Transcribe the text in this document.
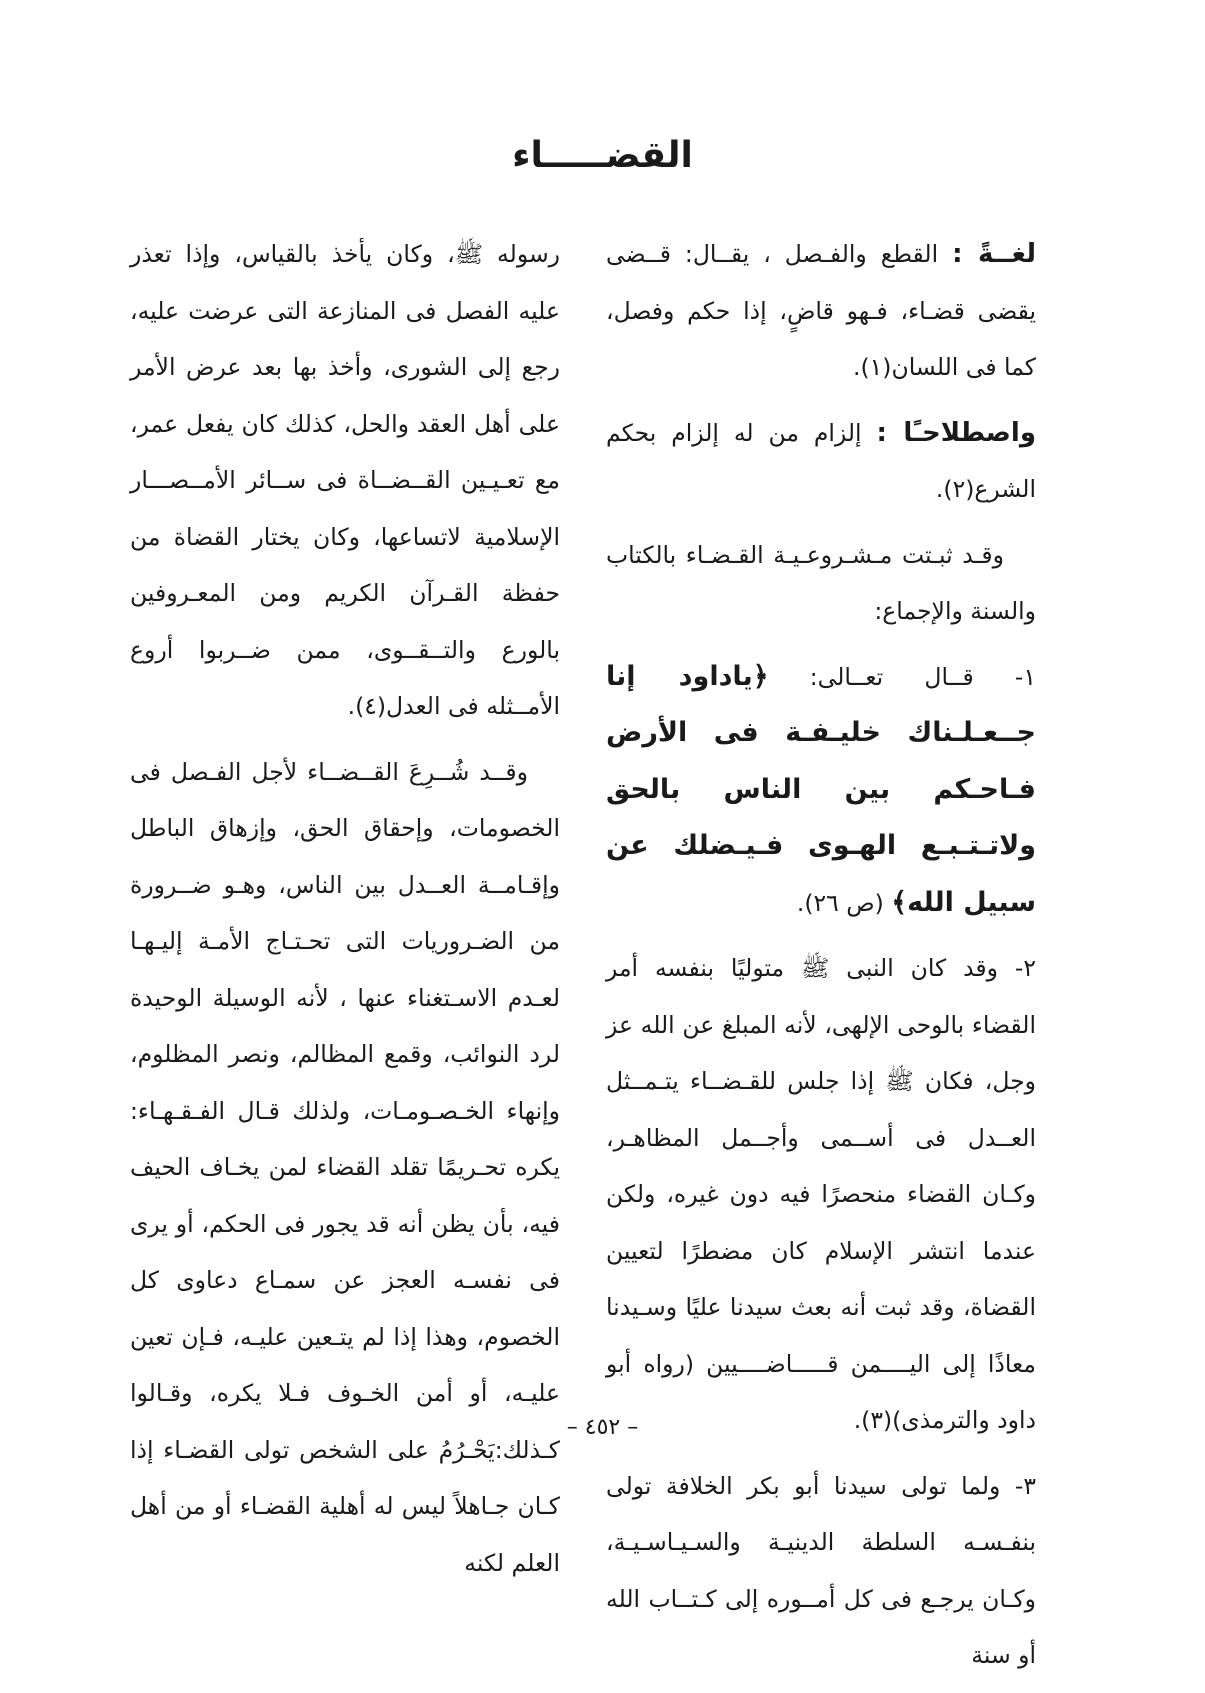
القضـــــاء

لغــةً : القطع والفـصل ، يقــال: قــضى يقضى قضـاء، فـهو قاضٍ، إذا حكم وفصل، كما فى اللسان(١).

واصطلاحـًا : إلزام من له إلزام بحكم الشرع(٢).

وقـد ثبـتت مـشـروعـيـة القـضـاء بالكتاب والسنة والإجماع:

١- قــال تعــالى: ﴿ياداود إنا جــعـلـناك خليـفـة فى الأرض فـاحـكم بين الناس بالحق ولاتـتـبـع الهـوى فـيـضلك عن سبيل الله﴾ (ص ٢٦).

٢- وقد كان النبى ﷺ متوليًا بنفسه أمر القضاء بالوحى الإلهى، لأنه المبلغ عن الله عز وجل، فكان ﷺ إذا جلس للقـضــاء يتـمــثل العــدل فى أســمى وأجــمل المظاهـر، وكـان القضاء منحصرًا فيه دون غيره، ولكن عندما انتشر الإسلام كان مضطرًا لتعيين القضاة، وقد ثبت أنه بعث سيدنا عليًا وسـيدنا معاذًا إلى اليــــمن قـــــاضــــيين (رواه أبو داود والترمذى)(٣).

٣- ولما تولى سيدنا أبو بكر الخلافة تولى بنفـسـه السلطة الدينيـة والسـيـاسـيـة، وكـان يرجـع فى كل أمــوره إلى كـتــاب الله أو سنة

رسوله ﷺ، وكان يأخذ بالقياس، وإذا تعذر عليه الفصل فى المنازعة التى عرضت عليه، رجع إلى الشورى، وأخذ بها بعد عرض الأمر على أهل العقد والحل، كذلك كان يفعل عمر، مع تعـيـين القــضــاة فى ســائر الأمــصـــار الإسلامية لاتساعها، وكان يختار القضاة من حفظة القـرآن الكريم ومن المعـروفين بالورع والتــقــوى، ممن ضــربوا أروع الأمــثله فى العدل(٤).

وقــد شُــرِعَ القــضــاء لأجل الفـصل فى الخصومات، وإحقاق الحق، وإزهاق الباطل وإقـامــة العــدل بين الناس، وهـو ضــرورة من الضـروريات التى تحـتـاج الأمـة إليـهـا لعـدم الاسـتغناء عنها ، لأنه الوسيلة الوحيدة لرد النوائب، وقمع المظالم، ونصر المظلوم، وإنهاء الخـصـومـات، ولذلك قـال الفـقـهـاء: يكره تحـريمًا تقلد القضاء لمن يخـاف الحيف فيه، بأن يظن أنه قد يجور فى الحكم، أو يرى فى نفسـه العجز عن سمـاع دعاوى كل الخصوم، وهذا إذا لم يتـعين عليـه، فـإن تعين عليـه، أو أمن الخـوف فـلا يكره، وقـالوا كـذلك:يَحْـرُمُ على الشخص تولى القضـاء إذا كـان جـاهلاً ليس له أهلية القضـاء أو من أهل العلم لكنه

– ٤٥٢ –
